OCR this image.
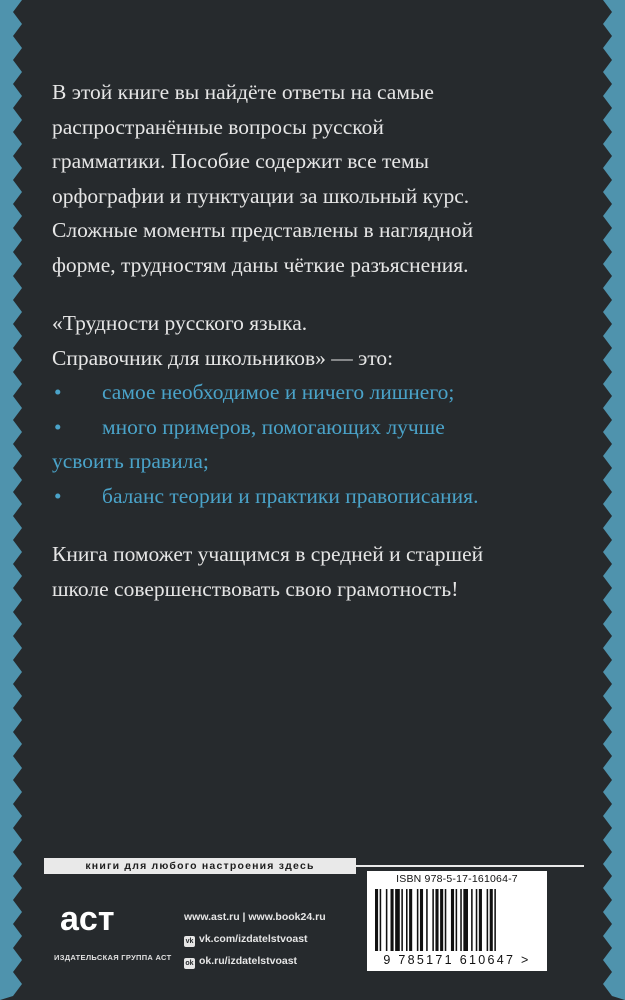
В этой книге вы найдёте ответы на самые
распространённые вопросы русской
грамматики. Пособие содержит все темы
орфографии и пунктуации за школьный курс.
Сложные моменты представлены в наглядной
форме, трудностям даны чёткие разъяснения.

«Трудности русского языка.
Справочник для школьников» — это:

• самое необходимое и ничего лишнего;
• много примеров, помогающих лучше
усвоить правила;
• баланс теории и практики правописания.

Книга поможет учащимся в средней и старшей
школе совершенствовать свою грамотность!

книги для любого настроения здесь
аст
ИЗДАТЕЛЬСКАЯ ГРУППА АСТ
www.ast.ru | www.book24.ru
vk vk.com/izdatelstvoast
ok ok.ru/izdatelstvoast
ISBN 978-5-17-161064-7
9 785171 610647 >
